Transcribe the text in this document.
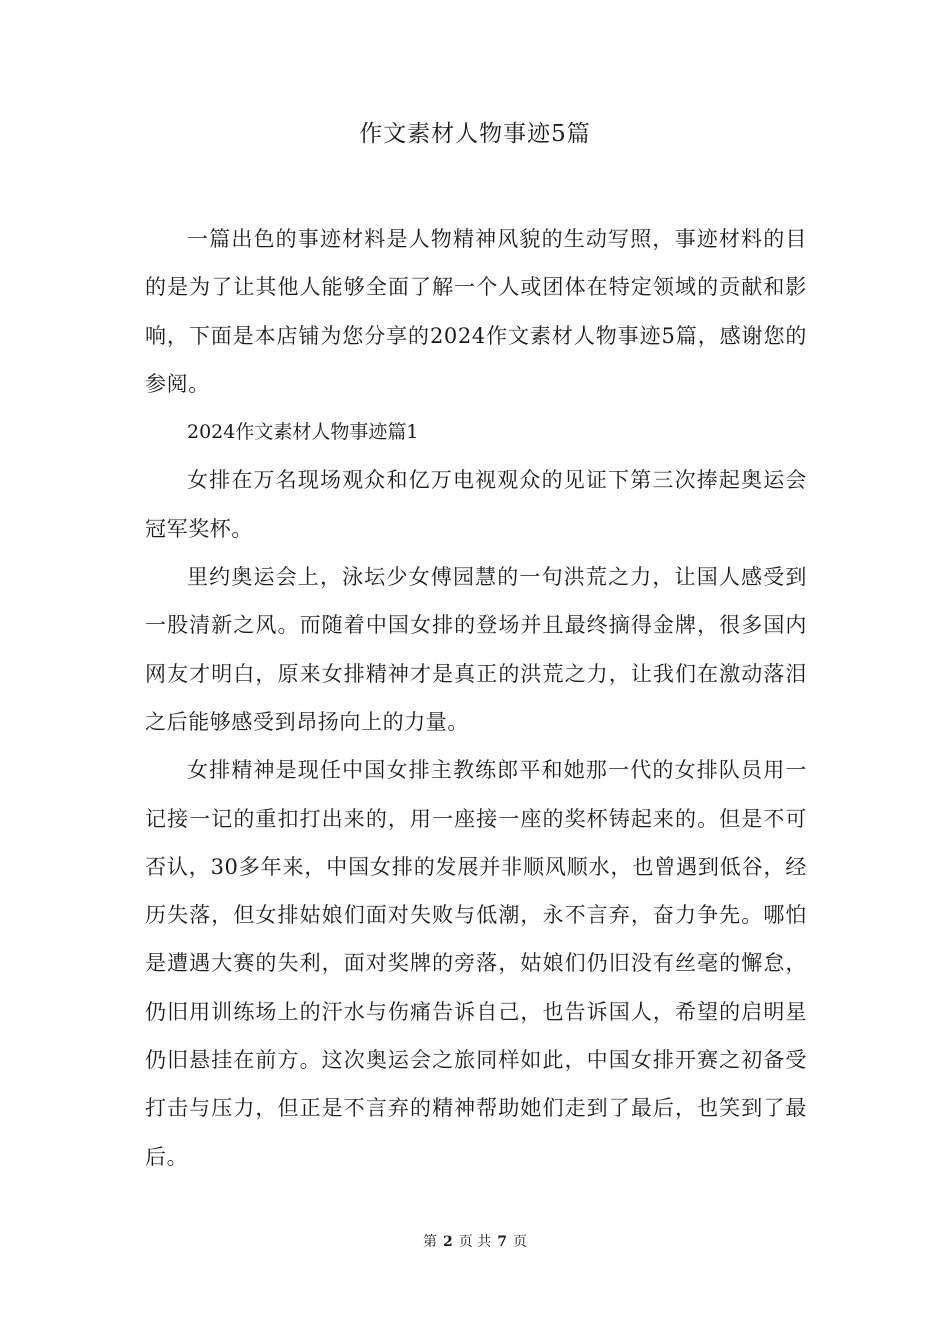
作文素材人物事迹5篇

一篇出色的事迹材料是人物精神风貌的生动写照，事迹材料的目的是为了让其他人能够全面了解一个人或团体在特定领域的贡献和影响，下面是本店铺为您分享的2024作文素材人物事迹5篇，感谢您的参阅。

2024作文素材人物事迹篇1

女排在万名现场观众和亿万电视观众的见证下第三次捧起奥运会冠军奖杯。

里约奥运会上，泳坛少女傅园慧的一句洪荒之力，让国人感受到一股清新之风。而随着中国女排的登场并且最终摘得金牌，很多国内网友才明白，原来女排精神才是真正的洪荒之力，让我们在激动落泪之后能够感受到昂扬向上的力量。

女排精神是现任中国女排主教练郎平和她那一代的女排队员用一记接一记的重扣打出来的，用一座接一座的奖杯铸起来的。但是不可否认，30多年来，中国女排的发展并非顺风顺水，也曾遇到低谷，经历失落，但女排姑娘们面对失败与低潮，永不言弃，奋力争先。哪怕是遭遇大赛的失利，面对奖牌的旁落，姑娘们仍旧没有丝毫的懈怠，仍旧用训练场上的汗水与伤痛告诉自己，也告诉国人，希望的启明星仍旧悬挂在前方。这次奥运会之旅同样如此，中国女排开赛之初备受打击与压力，但正是不言弃的精神帮助她们走到了最后，也笑到了最后。

第 2 页 共 7 页
